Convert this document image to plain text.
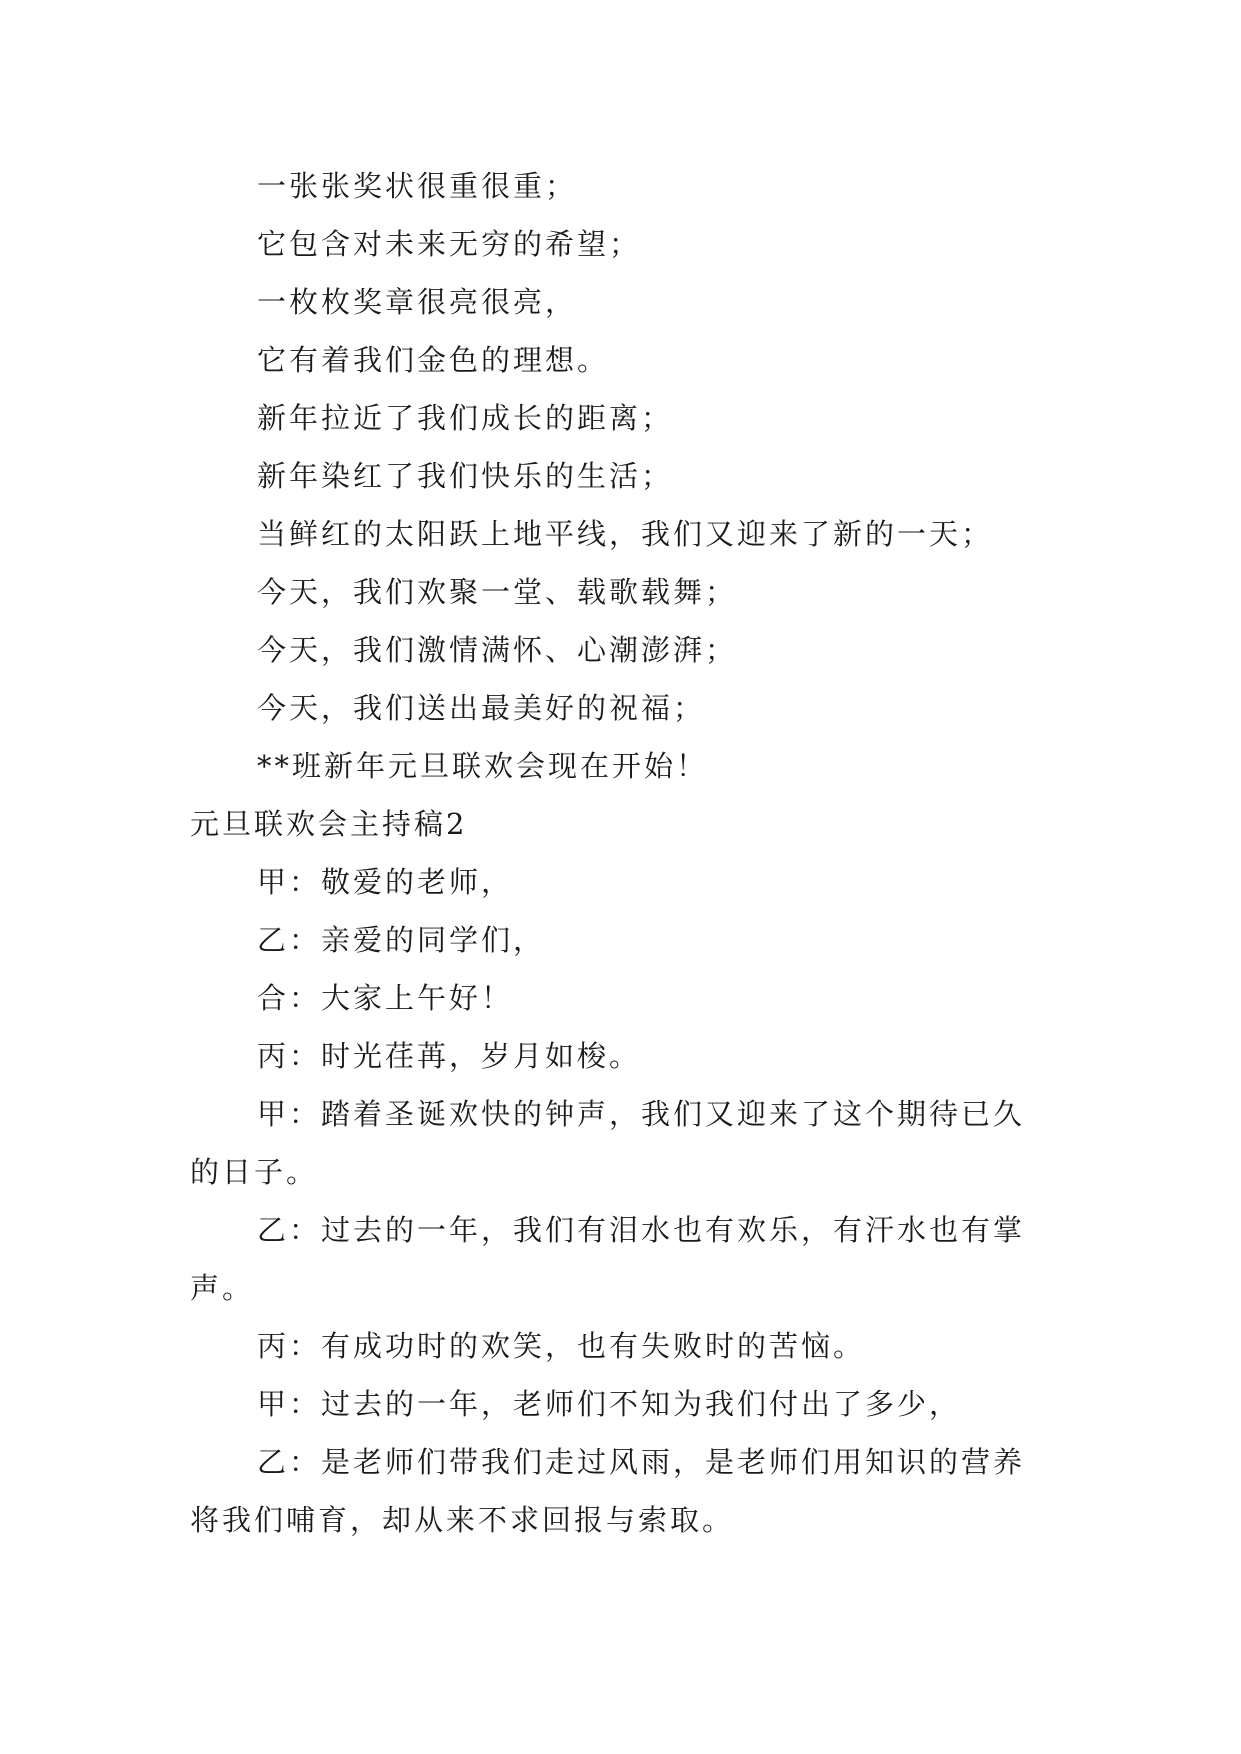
一张张奖状很重很重；
它包含对未来无穷的希望；
一枚枚奖章很亮很亮，
它有着我们金色的理想。
新年拉近了我们成长的距离；
新年染红了我们快乐的生活；
当鲜红的太阳跃上地平线，我们又迎来了新的一天；
今天，我们欢聚一堂、载歌载舞；
今天，我们激情满怀、心潮澎湃；
今天，我们送出最美好的祝福；
**班新年元旦联欢会现在开始！
元旦联欢会主持稿2
甲：敬爱的老师，
乙：亲爱的同学们，
合：大家上午好！
丙：时光荏苒，岁月如梭。
甲：踏着圣诞欢快的钟声，我们又迎来了这个期待已久
的日子。
乙：过去的一年，我们有泪水也有欢乐，有汗水也有掌
声。
丙：有成功时的欢笑，也有失败时的苦恼。
甲：过去的一年，老师们不知为我们付出了多少，
乙：是老师们带我们走过风雨，是老师们用知识的营养
将我们哺育，却从来不求回报与索取。
